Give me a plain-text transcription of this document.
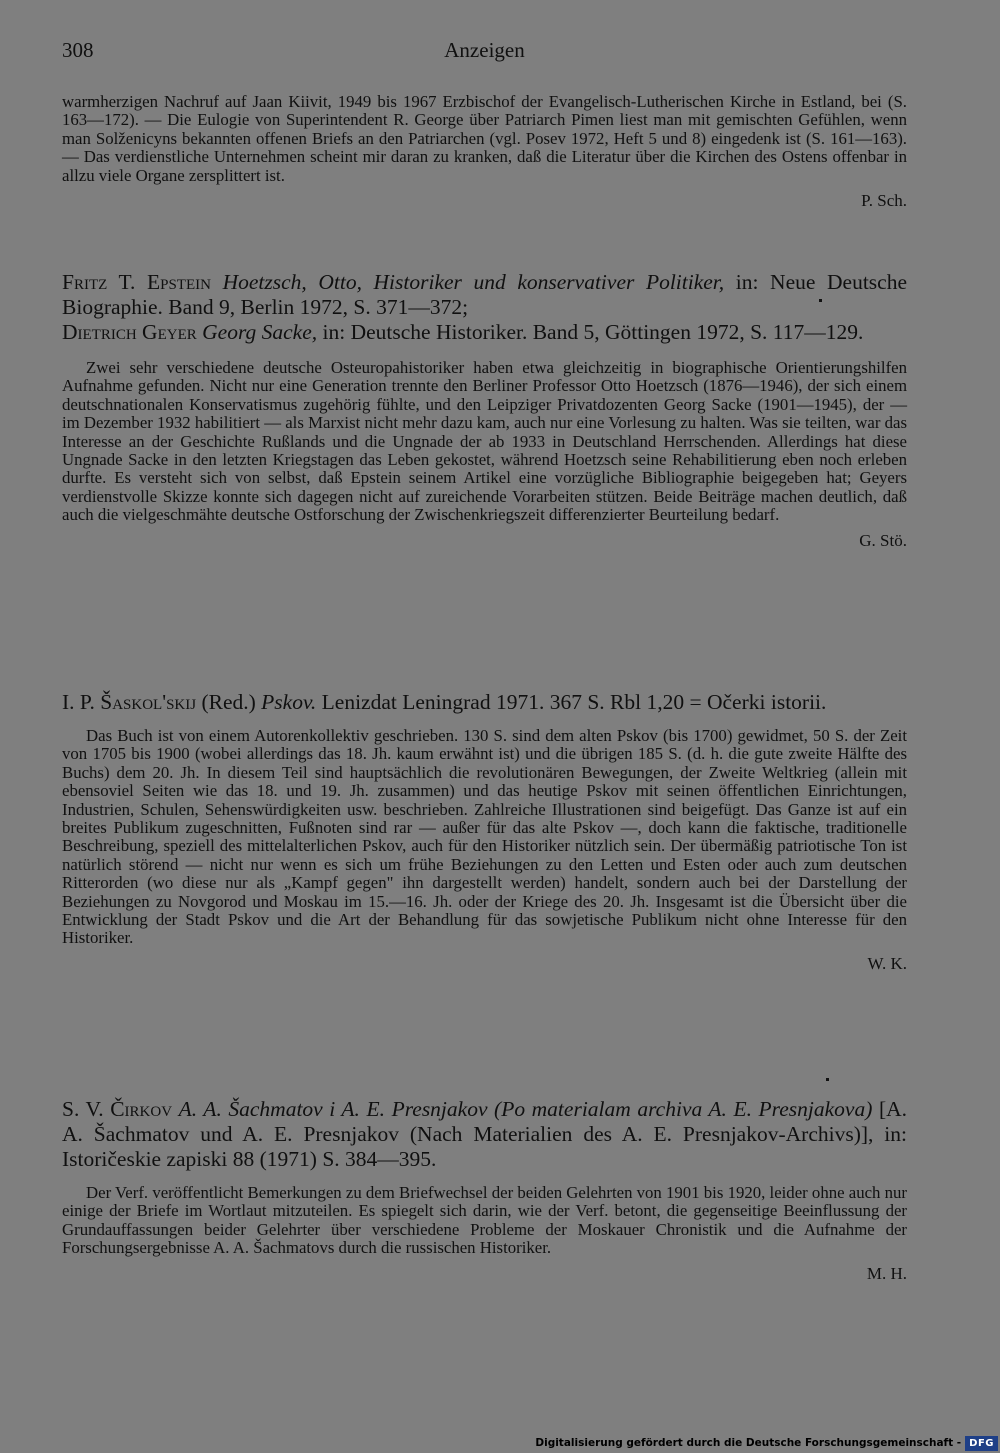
308	Anzeigen

warmherzigen Nachruf auf Jaan Kiivit, 1949 bis 1967 Erzbischof der Evangelisch-Lutherischen Kirche in Estland, bei (S. 163—172). — Die Eulogie von Superintendent R. George über Patriarch Pimen liest man mit gemischten Gefühlen, wenn man Solženicyns bekannten offenen Briefs an den Patriarchen (vgl. Posev 1972, Heft 5 und 8) eingedenk ist (S. 161—163). — Das verdienstliche Unternehmen scheint mir daran zu kranken, daß die Literatur über die Kirchen des Ostens offenbar in allzu viele Organe zersplittert ist.

P. Sch.

Fritz T. Epstein Hoetzsch, Otto, Historiker und konservativer Politiker, in: Neue Deutsche Biographie. Band 9, Berlin 1972, S. 371—372;
Dietrich Geyer Georg Sacke, in: Deutsche Historiker. Band 5, Göttingen 1972, S. 117—129.

Zwei sehr verschiedene deutsche Osteuropahistoriker haben etwa gleichzeitig in biographische Orientierungshilfen Aufnahme gefunden. Nicht nur eine Generation trennte den Berliner Professor Otto Hoetzsch (1876—1946), der sich einem deutschnationalen Konservatismus zugehörig fühlte, und den Leipziger Privatdozenten Georg Sacke (1901—1945), der — im Dezember 1932 habilitiert — als Marxist nicht mehr dazu kam, auch nur eine Vorlesung zu halten. Was sie teilten, war das Interesse an der Geschichte Rußlands und die Ungnade der ab 1933 in Deutschland Herrschenden. Allerdings hat diese Ungnade Sacke in den letzten Kriegstagen das Leben gekostet, während Hoetzsch seine Rehabilitierung eben noch erleben durfte. Es versteht sich von selbst, daß Epstein seinem Artikel eine vorzügliche Bibliographie beigegeben hat; Geyers verdienstvolle Skizze konnte sich dagegen nicht auf zureichende Vorarbeiten stützen. Beide Beiträge machen deutlich, daß auch die vielgeschmähte deutsche Ostforschung der Zwischenkriegszeit differenzierter Beurteilung bedarf.

G. Stö.

I. P. Šaskol'skij (Red.) Pskov. Lenizdat Leningrad 1971. 367 S. Rbl 1,20 = Očerki istorii.

Das Buch ist von einem Autorenkollektiv geschrieben. 130 S. sind dem alten Pskov (bis 1700) gewidmet, 50 S. der Zeit von 1705 bis 1900 (wobei allerdings das 18. Jh. kaum erwähnt ist) und die übrigen 185 S. (d. h. die gute zweite Hälfte des Buchs) dem 20. Jh. In diesem Teil sind hauptsächlich die revolutionären Bewegungen, der Zweite Weltkrieg (allein mit ebensoviel Seiten wie das 18. und 19. Jh. zusammen) und das heutige Pskov mit seinen öffentlichen Einrichtungen, Industrien, Schulen, Sehenswürdigkeiten usw. beschrieben. Zahlreiche Illustrationen sind beigefügt. Das Ganze ist auf ein breites Publikum zugeschnitten, Fußnoten sind rar — außer für das alte Pskov —, doch kann die faktische, traditionelle Beschreibung, speziell des mittelalterlichen Pskov, auch für den Historiker nützlich sein. Der übermäßig patriotische Ton ist natürlich störend — nicht nur wenn es sich um frühe Beziehungen zu den Letten und Esten oder auch zum deutschen Ritterorden (wo diese nur als „Kampf gegen" ihn dargestellt werden) handelt, sondern auch bei der Darstellung der Beziehungen zu Novgorod und Moskau im 15.—16. Jh. oder der Kriege des 20. Jh. Insgesamt ist die Übersicht über die Entwicklung der Stadt Pskov und die Art der Behandlung für das sowjetische Publikum nicht ohne Interesse für den Historiker.

W. K.

S. V. Čirkov A. A. Šachmatov i A. E. Presnjakov (Po materialam archiva A. E. Presnjakova) [A. A. Šachmatov und A. E. Presnjakov (Nach Materialien des A. E. Presnjakov-Archivs)], in: Istoričeskie zapiski 88 (1971) S. 384—395.

Der Verf. veröffentlicht Bemerkungen zu dem Briefwechsel der beiden Gelehrten von 1901 bis 1920, leider ohne auch nur einige der Briefe im Wortlaut mitzuteilen. Es spiegelt sich darin, wie der Verf. betont, die gegenseitige Beeinflussung der Grundauffassungen beider Gelehrter über verschiedene Probleme der Moskauer Chronistik und die Aufnahme der Forschungsergebnisse A. A. Šachmatovs durch die russischen Historiker.

M. H.

Digitalisierung gefördert durch die Deutsche Forschungsgemeinschaft - DFG
